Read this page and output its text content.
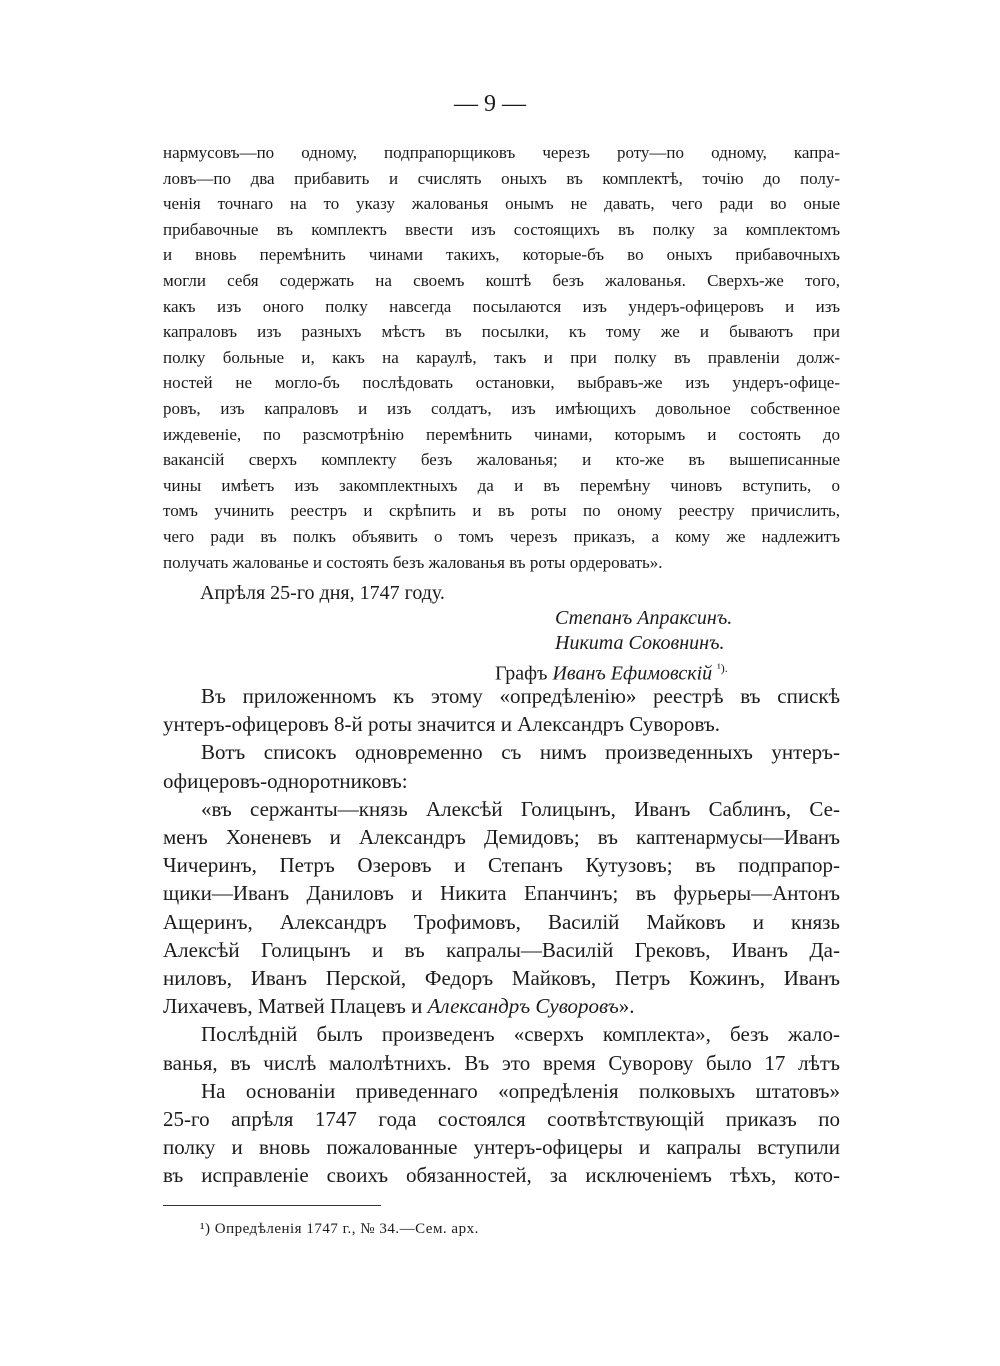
— 9 —
нармусовъ—по одному, подпрапорщиковъ черезъ роту—по одному, капра-
ловъ—по два прибавить и счислять оныхъ въ комплектѣ, точію до полу-
ченія точнаго на то указу жалованья онымъ не давать, чего ради во оные
прибавочные въ комплектъ ввести изъ состоящихъ въ полку за комплектомъ
и вновь перемѣнить чинами такихъ, которые-бъ во оныхъ прибавочныхъ
могли себя содержать на своемъ коштѣ безъ жалованья. Сверхъ-же того,
какъ изъ оного полку навсегда посылаются изъ ундеръ-офицеровъ и изъ
капраловъ изъ разныхъ мѣстъ въ посылки, къ тому же и бываютъ при
полку больные и, какъ на караулѣ, такъ и при полку въ правленіи долж-
ностей не могло-бъ послѣдовать остановки, выбравъ-же изъ ундеръ-офице-
ровъ, изъ капраловъ и изъ солдатъ, изъ имѣющихъ довольное собственное
иждевеніе, по разсмотрѣнію перемѣнить чинами, которымъ и состоять до
вакансій сверхъ комплекту безъ жалованья; и кто-же въ вышеписанные
чины имѣетъ изъ закомплектныхъ да и въ перемѣну чиновъ вступить, о
томъ учинить реестръ и скрѣпить и въ роты по оному реестру причислить,
чего ради въ полкъ объявить о томъ черезъ приказъ, а кому же надлежитъ
получать жалованье и состоять безъ жалованья въ роты ордеровать».
Апрѣля 25-го дня, 1747 году.
Степанъ Апраксинъ.
Никита Соковнинъ.
Графъ Иванъ Ефимовскій $^{^1).}$
Въ приложенномъ къ этому «опредѣленію» реестрѣ въ спискѣ
унтеръ-офицеровъ 8-й роты значится и Александръ Суворовъ.
Вотъ списокъ одновременно съ нимъ произведенныхъ унтеръ-
офицеровъ-одноротниковъ:
«въ сержанты—князь Алексѣй Голицынъ, Иванъ Саблинъ, Се-
менъ Хоненевъ и Александръ Демидовъ; въ каптенармусы—Иванъ
Чичеринъ, Петръ Озеровъ и Степанъ Кутузовъ; въ подпрапор-
щики—Иванъ Даниловъ и Никита Епанчинъ; въ фурьеры—Антонъ
Ащеринъ, Александръ Трофимовъ, Василій Майковъ и князь
Алексѣй Голицынъ и въ капралы—Василій Грековъ, Иванъ Да-
ниловъ, Иванъ Перской, Федоръ Майковъ, Петръ Кожинъ, Иванъ
Лихачевъ, Матвей Плацевъ и Александръ Суворовъ».
Послѣдній былъ произведенъ «сверхъ комплекта», безъ жало-
ванья, въ числѣ малолѣтнихъ. Въ это время Суворову было 17 лѣтъ
На основаніи приведеннаго «опредѣленія полковыхъ штатовъ»
25-го апрѣля 1747 года состоялся соотвѣтствующій приказъ по
полку и вновь пожалованные унтеръ-офицеры и капралы вступили
въ исправленіе своихъ обязанностей, за исключеніемъ тѣхъ, кото-
¹) Опредѣленія 1747 г., № 34.—Сем. арх.
